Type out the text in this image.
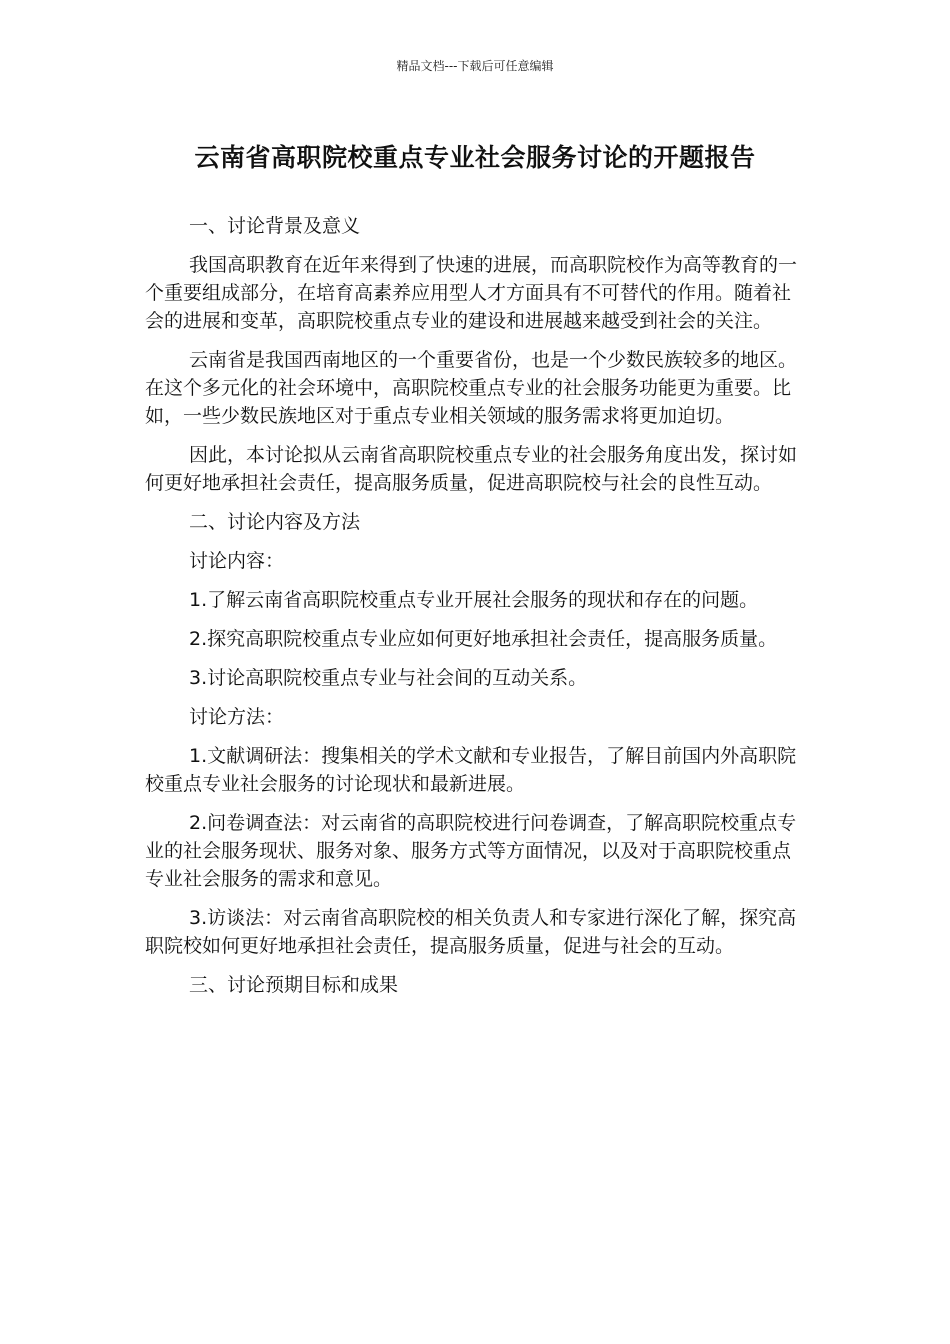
精品文档---下载后可任意编辑
云南省高职院校重点专业社会服务讨论的开题报告

一、讨论背景及意义

我国高职教育在近年来得到了快速的进展，而高职院校作为高等教育的一个重要组成部分，在培育高素养应用型人才方面具有不可替代的作用。随着社会的进展和变革，高职院校重点专业的建设和进展越来越受到社会的关注。

云南省是我国西南地区的一个重要省份，也是一个少数民族较多的地区。在这个多元化的社会环境中，高职院校重点专业的社会服务功能更为重要。比如，一些少数民族地区对于重点专业相关领域的服务需求将更加迫切。

因此，本讨论拟从云南省高职院校重点专业的社会服务角度出发，探讨如何更好地承担社会责任，提高服务质量，促进高职院校与社会的良性互动。

二、讨论内容及方法

讨论内容：

1.了解云南省高职院校重点专业开展社会服务的现状和存在的问题。

2.探究高职院校重点专业应如何更好地承担社会责任，提高服务质量。

3.讨论高职院校重点专业与社会间的互动关系。

讨论方法：

1.文献调研法：搜集相关的学术文献和专业报告，了解目前国内外高职院校重点专业社会服务的讨论现状和最新进展。

2.问卷调查法：对云南省的高职院校进行问卷调查，了解高职院校重点专业的社会服务现状、服务对象、服务方式等方面情况，以及对于高职院校重点专业社会服务的需求和意见。

3.访谈法：对云南省高职院校的相关负责人和专家进行深化了解，探究高职院校如何更好地承担社会责任，提高服务质量，促进与社会的互动。

三、讨论预期目标和成果
